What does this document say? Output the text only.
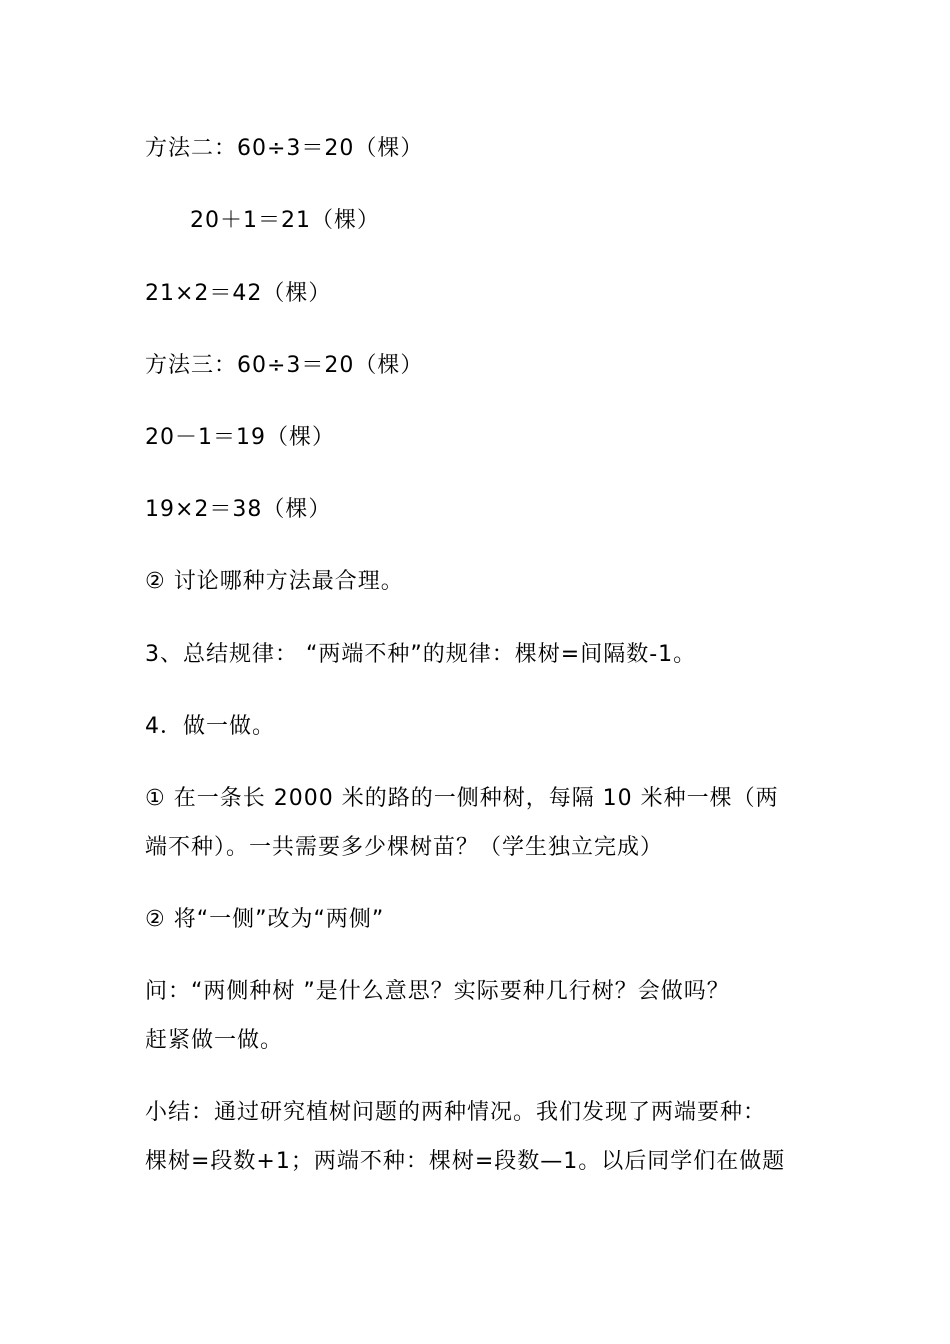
方法二：60÷3＝20（棵）
20＋1＝21（棵）
21×2＝42（棵）
方法三：60÷3＝20（棵）
20－1＝19（棵）
19×2＝38（棵）
② 讨论哪种方法最合理。
3、总结规律： “两端不种”的规律：棵树=间隔数-1。
4．做一做。
① 在一条长 2000 米的路的一侧种树，每隔 10 米种一棵（两
端不种）。一共需要多少棵树苗？（学生独立完成）
② 将“一侧”改为“两侧”
问：“两侧种树 ”是什么意思？实际要种几行树？会做吗？
赶紧做一做。
小结：通过研究植树问题的两种情况。我们发现了两端要种：
棵树=段数+1；两端不种：棵树=段数—1。以后同学们在做题
